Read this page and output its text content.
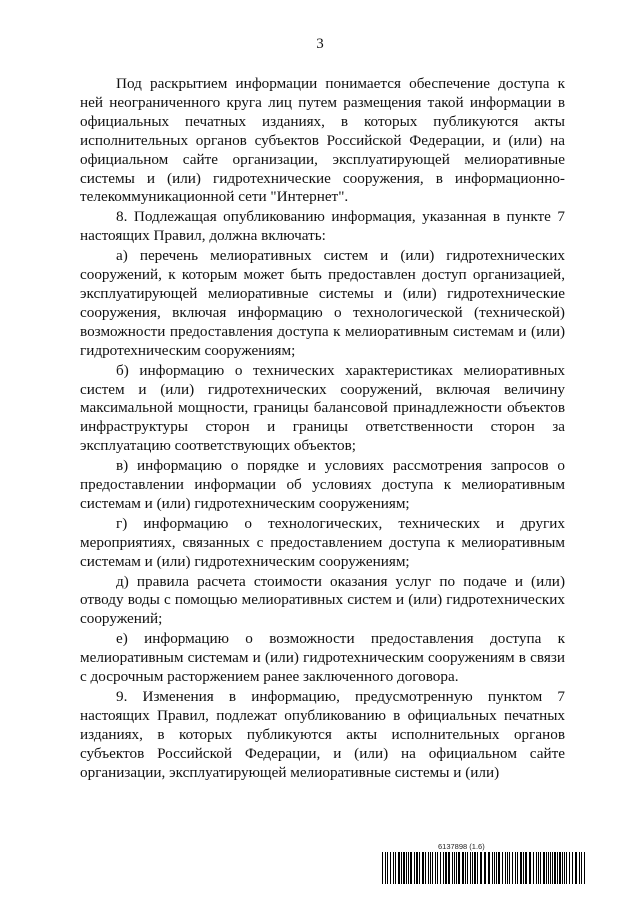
3

Под раскрытием информации понимается обеспечение доступа к ней неограниченного круга лиц путем размещения такой информации в официальных печатных изданиях, в которых публикуются акты исполнительных органов субъектов Российской Федерации, и (или) на официальном сайте организации, эксплуатирующей мелиоративные системы и (или) гидротехнические сооружения, в информационно-телекоммуникационной сети "Интернет".

8. Подлежащая опубликованию информация, указанная в пункте 7 настоящих Правил, должна включать:

а) перечень мелиоративных систем и (или) гидротехнических сооружений, к которым может быть предоставлен доступ организацией, эксплуатирующей мелиоративные системы и (или) гидротехнические сооружения, включая информацию о технологической (технической) возможности предоставления доступа к мелиоративным системам и (или) гидротехническим сооружениям;

б) информацию о технических характеристиках мелиоративных систем и (или) гидротехнических сооружений, включая величину максимальной мощности, границы балансовой принадлежности объектов инфраструктуры сторон и границы ответственности сторон за эксплуатацию соответствующих объектов;

в) информацию о порядке и условиях рассмотрения запросов о предоставлении информации об условиях доступа к мелиоративным системам и (или) гидротехническим сооружениям;

г) информацию о технологических, технических и других мероприятиях, связанных с предоставлением доступа к мелиоративным системам и (или) гидротехническим сооружениям;

д) правила расчета стоимости оказания услуг по подаче и (или) отводу воды с помощью мелиоративных систем и (или) гидротехнических сооружений;

е) информацию о возможности предоставления доступа к мелиоративным системам и (или) гидротехническим сооружениям в связи с досрочным расторжением ранее заключенного договора.

9. Изменения в информацию, предусмотренную пунктом 7 настоящих Правил, подлежат опубликованию в официальных печатных изданиях, в которых публикуются акты исполнительных органов субъектов Российской Федерации, и (или) на официальном сайте организации, эксплуатирующей мелиоративные системы и (или)

6137898 (1.6)
